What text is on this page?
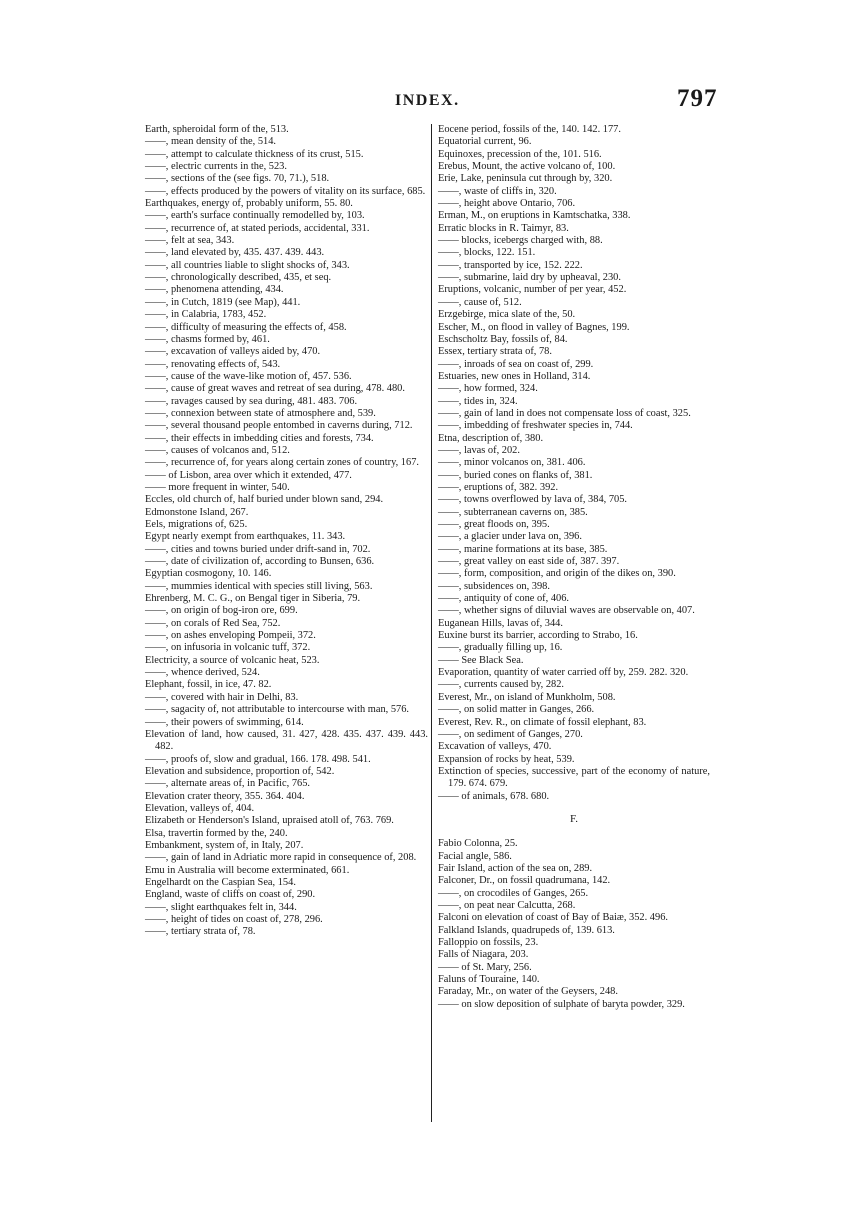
INDEX.	797

Earth, spheroidal form of the, 513.

——, mean density of the, 514.

——, attempt to calculate thickness of its crust, 515.

——, electric currents in the, 523.

——, sections of the (see figs. 70, 71.), 518.

——, effects produced by the powers of vitality on its surface, 685.

Earthquakes, energy of, probably uniform, 55. 80.

——, earth's surface continually remodelled by, 103.

——, recurrence of, at stated periods, accidental, 331.

——, felt at sea, 343.

——, land elevated by, 435. 437. 439. 443.

——, all countries liable to slight shocks of, 343.

——, chronologically described, 435, et seq.

——, phenomena attending, 434.

——, in Cutch, 1819 (see Map), 441.

——, in Calabria, 1783, 452.

——, difficulty of measuring the effects of, 458.

——, chasms formed by, 461.

——, excavation of valleys aided by, 470.

——, renovating effects of, 543.

——, cause of the wave-like motion of, 457. 536.

——, cause of great waves and retreat of sea during, 478. 480.

——, ravages caused by sea during, 481. 483. 706.

——, connexion between state of atmosphere and, 539.

——, several thousand people entombed in caverns during, 712.

——, their effects in imbedding cities and forests, 734.

——, causes of volcanos and, 512.

——, recurrence of, for years along certain zones of country, 167.

—— of Lisbon, area over which it extended, 477.

—— more frequent in winter, 540.

Eccles, old church of, half buried under blown sand, 294.

Edmonstone Island, 267.

Eels, migrations of, 625.

Egypt nearly exempt from earthquakes, 11. 343.

——, cities and towns buried under drift-sand in, 702.

——, date of civilization of, according to Bunsen, 636.

Egyptian cosmogony, 10. 146.

——, mummies identical with species still living, 563.

Ehrenberg, M. C. G., on Bengal tiger in Siberia, 79.

——, on origin of bog-iron ore, 699.

——, on corals of Red Sea, 752.

——, on ashes enveloping Pompeii, 372.

——, on infusoria in volcanic tuff, 372.

Electricity, a source of volcanic heat, 523.

——, whence derived, 524.

Elephant, fossil, in ice, 47. 82.

——, covered with hair in Delhi, 83.

——, sagacity of, not attributable to intercourse with man, 576.

——, their powers of swimming, 614.

Elevation of land, how caused, 31. 427, 428. 435. 437. 439. 443. 482.

——, proofs of, slow and gradual, 166. 178. 498. 541.

Elevation and subsidence, proportion of, 542.

——, alternate areas of, in Pacific, 765.

Elevation crater theory, 355. 364. 404.

Elevation, valleys of, 404.

Elizabeth or Henderson's Island, upraised atoll of, 763. 769.

Elsa, travertin formed by the, 240.

Embankment, system of, in Italy, 207.

——, gain of land in Adriatic more rapid in consequence of, 208.

Emu in Australia will become exterminated, 661.

Engelhardt on the Caspian Sea, 154.

England, waste of cliffs on coast of, 290.

——, slight earthquakes felt in, 344.

——, height of tides on coast of, 278, 296.

——, tertiary strata of, 78.

Eocene period, fossils of the, 140. 142. 177.

Equatorial current, 96.

Equinoxes, precession of the, 101. 516.

Erebus, Mount, the active volcano of, 100.

Erie, Lake, peninsula cut through by, 320.

——, waste of cliffs in, 320.

——, height above Ontario, 706.

Erman, M., on eruptions in Kamtschatka, 338.

Erratic blocks in R. Taimyr, 83.

—— blocks, icebergs charged with, 88.

——, blocks, 122. 151.

——, transported by ice, 152. 222.

——, submarine, laid dry by upheaval, 230.

Eruptions, volcanic, number of per year, 452.

——, cause of, 512.

Erzgebirge, mica slate of the, 50.

Escher, M., on flood in valley of Bagnes, 199.

Eschscholtz Bay, fossils of, 84.

Essex, tertiary strata of, 78.

——, inroads of sea on coast of, 299.

Estuaries, new ones in Holland, 314.

——, how formed, 324.

——, tides in, 324.

——, gain of land in does not compensate loss of coast, 325.

——, imbedding of freshwater species in, 744.

Etna, description of, 380.

——, lavas of, 202.

——, minor volcanos on, 381. 406.

——, buried cones on flanks of, 381.

——, eruptions of, 382. 392.

——, towns overflowed by lava of, 384, 705.

——, subterranean caverns on, 385.

——, great floods on, 395.

——, a glacier under lava on, 396.

——, marine formations at its base, 385.

——, great valley on east side of, 387. 397.

——, form, composition, and origin of the dikes on, 390.

——, subsidences on, 398.

——, antiquity of cone of, 406.

——, whether signs of diluvial waves are observable on, 407.

Euganean Hills, lavas of, 344.

Euxine burst its barrier, according to Strabo, 16.

——, gradually filling up, 16.

—— See Black Sea.

Evaporation, quantity of water carried off by, 259. 282. 320.

——, currents caused by, 282.

Everest, Mr., on island of Munkholm, 508.

——, on solid matter in Ganges, 266.

Everest, Rev. R., on climate of fossil elephant, 83.

——, on sediment of Ganges, 270.

Excavation of valleys, 470.

Expansion of rocks by heat, 539.

Extinction of species, successive, part of the economy of nature, 179. 674. 679.

—— of animals, 678. 680.

F.

Fabio Colonna, 25.

Facial angle, 586.

Fair Island, action of the sea on, 289.

Falconer, Dr., on fossil quadrumana, 142.

——, on crocodiles of Ganges, 265.

——, on peat near Calcutta, 268.

Falconi on elevation of coast of Bay of Baiæ, 352. 496.

Falkland Islands, quadrupeds of, 139. 613.

Falloppio on fossils, 23.

Falls of Niagara, 203.

—— of St. Mary, 256.

Faluns of Touraine, 140.

Faraday, Mr., on water of the Geysers, 248.

—— on slow deposition of sulphate of baryta powder, 329.
